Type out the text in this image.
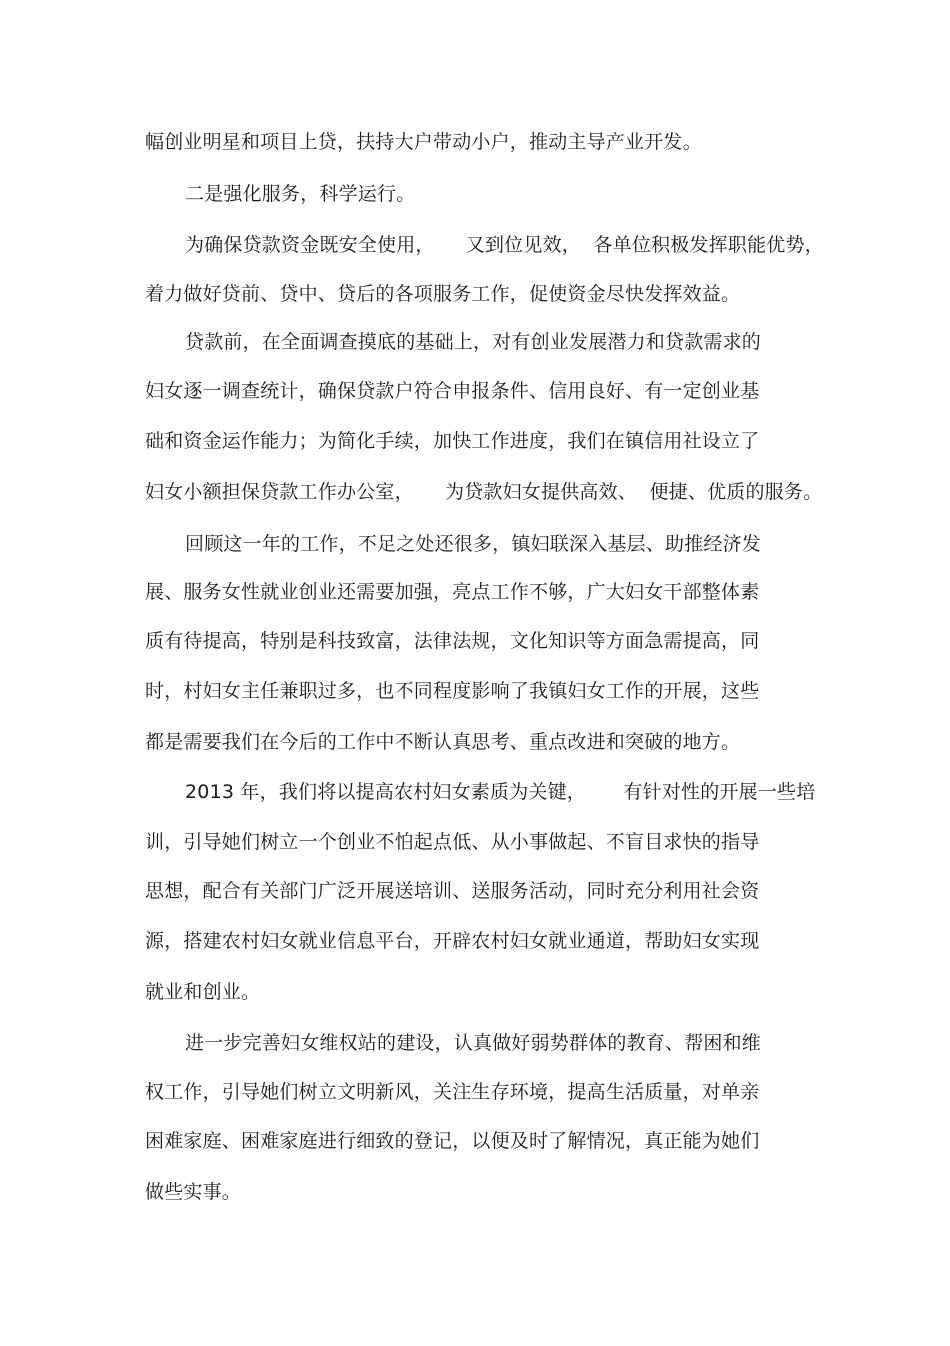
幅创业明星和项目上贷，扶持大户带动小户，推动主导产业开发。
二是强化服务，科学运行。
为确保贷款资金既安全使用，     又到位见效，  各单位积极发挥职能优势，
着力做好贷前、贷中、贷后的各项服务工作，促使资金尽快发挥效益。
贷款前，在全面调查摸底的基础上，对有创业发展潜力和贷款需求的
妇女逐一调查统计，确保贷款户符合申报条件、信用良好、有一定创业基
础和资金运作能力；为简化手续，加快工作进度，我们在镇信用社设立了
妇女小额担保贷款工作办公室，     为贷款妇女提供高效、  便捷、优质的服务。
回顾这一年的工作，不足之处还很多，镇妇联深入基层、助推经济发
展、服务女性就业创业还需要加强，亮点工作不够，广大妇女干部整体素
质有待提高，特别是科技致富，法律法规，文化知识等方面急需提高，同
时，村妇女主任兼职过多，也不同程度影响了我镇妇女工作的开展，这些
都是需要我们在今后的工作中不断认真思考、重点改进和突破的地方。
2013 年，我们将以提高农村妇女素质为关键，      有针对性的开展一些培
训，引导她们树立一个创业不怕起点低、从小事做起、不盲目求快的指导
思想，配合有关部门广泛开展送培训、送服务活动，同时充分利用社会资
源，搭建农村妇女就业信息平台，开辟农村妇女就业通道，帮助妇女实现
就业和创业。
进一步完善妇女维权站的建设，认真做好弱势群体的教育、帮困和维
权工作，引导她们树立文明新风，关注生存环境，提高生活质量，对单亲
困难家庭、困难家庭进行细致的登记，以便及时了解情况，真正能为她们
做些实事。
